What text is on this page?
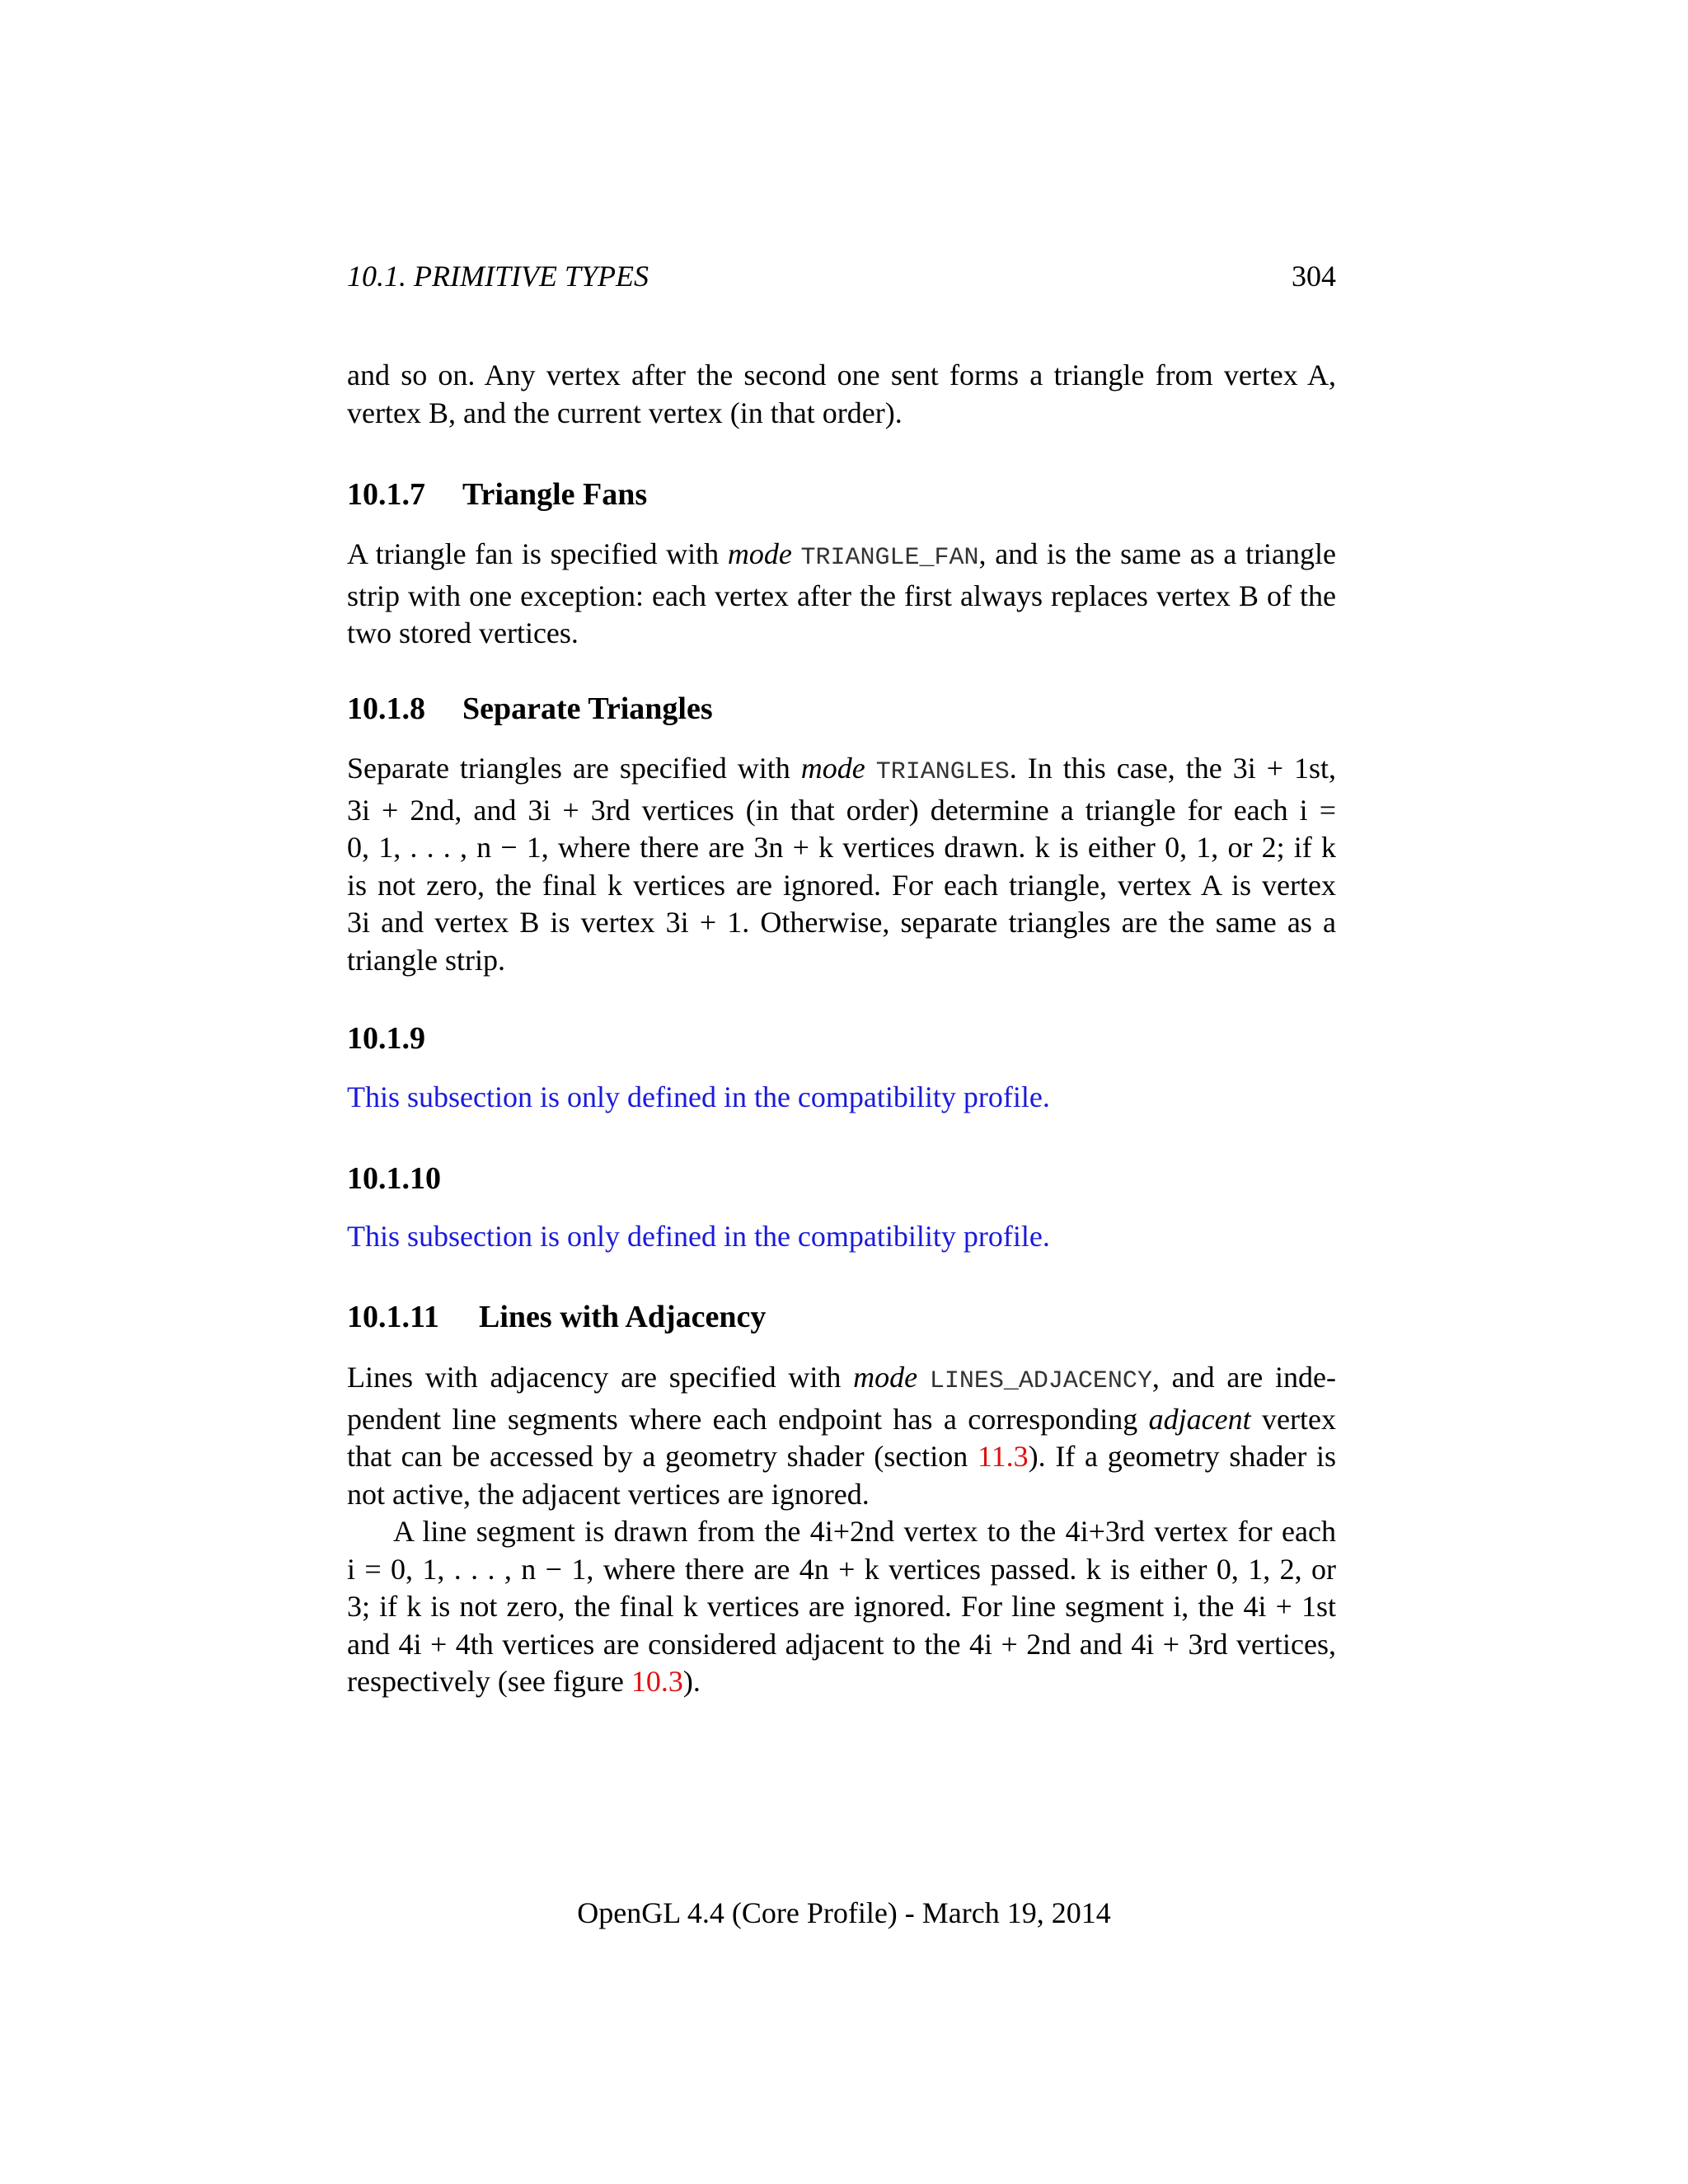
10.1. PRIMITIVE TYPES	304
and so on. Any vertex after the second one sent forms a triangle from vertex A,
vertex B, and the current vertex (in that order).
10.1.7 Triangle Fans
A triangle fan is specified with mode TRIANGLE_FAN, and is the same as a triangle
strip with one exception: each vertex after the first always replaces vertex B of the
two stored vertices.
10.1.8 Separate Triangles
Separate triangles are specified with mode TRIANGLES. In this case, the 3i + 1st,
3i + 2nd, and 3i + 3rd vertices (in that order) determine a triangle for each i =
0, 1, . . . , n − 1, where there are 3n + k vertices drawn. k is either 0, 1, or 2; if k
is not zero, the final k vertices are ignored. For each triangle, vertex A is vertex
3i and vertex B is vertex 3i + 1. Otherwise, separate triangles are the same as a
triangle strip.
10.1.9
This subsection is only defined in the compatibility profile.
10.1.10
This subsection is only defined in the compatibility profile.
10.1.11 Lines with Adjacency
Lines with adjacency are specified with mode LINES_ADJACENCY, and are inde-
pendent line segments where each endpoint has a corresponding adjacent vertex
that can be accessed by a geometry shader (section 11.3). If a geometry shader is
not active, the adjacent vertices are ignored.
A line segment is drawn from the 4i+2nd vertex to the 4i+3rd vertex for each
i = 0, 1, . . . , n − 1, where there are 4n + k vertices passed. k is either 0, 1, 2, or
3; if k is not zero, the final k vertices are ignored. For line segment i, the 4i + 1st
and 4i + 4th vertices are considered adjacent to the 4i + 2nd and 4i + 3rd vertices,
respectively (see figure 10.3).
OpenGL 4.4 (Core Profile) - March 19, 2014
